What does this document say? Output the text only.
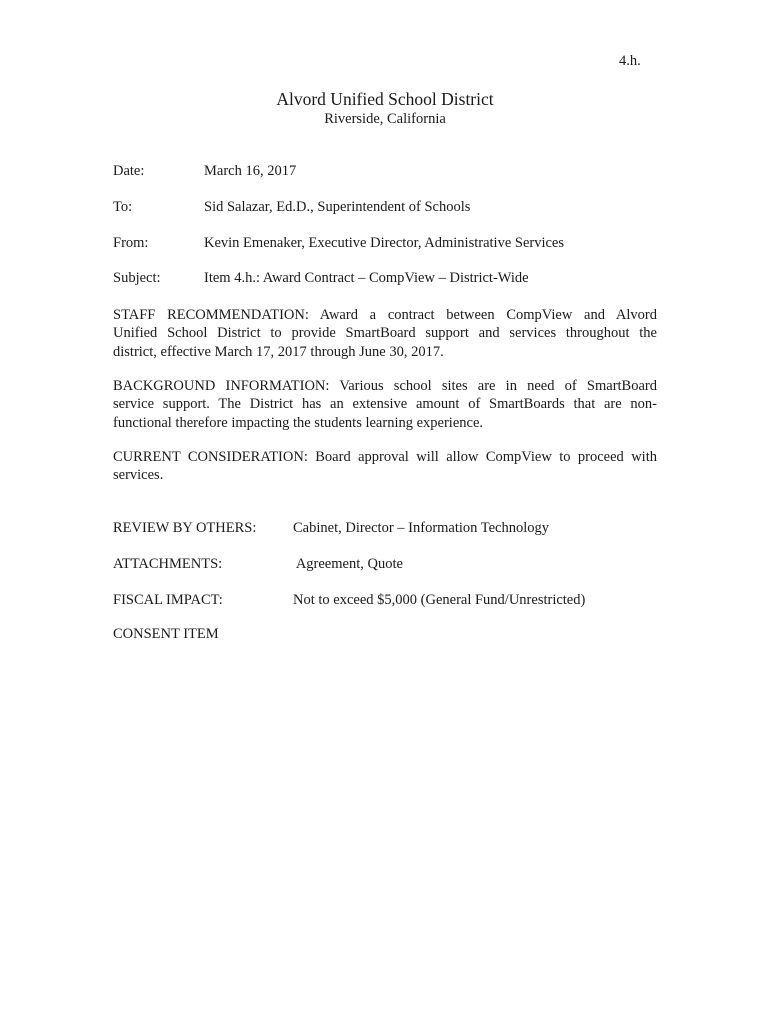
4.h.
Alvord Unified School District
Riverside, California
Date:	March 16, 2017
To:	Sid Salazar, Ed.D., Superintendent of Schools
From:	Kevin Emenaker, Executive Director, Administrative Services
Subject:	Item 4.h.: Award Contract – CompView – District-Wide
STAFF RECOMMENDATION: Award a contract between CompView and Alvord
Unified School District to provide SmartBoard support and services throughout the
district, effective March 17, 2017 through June 30, 2017.
BACKGROUND INFORMATION: Various school sites are in need of SmartBoard
service support. The District has an extensive amount of SmartBoards that are non-
functional therefore impacting the students learning experience.
CURRENT CONSIDERATION: Board approval will allow CompView to proceed with
services.
REVIEW BY OTHERS:	Cabinet, Director – Information Technology
ATTACHMENTS:	Agreement, Quote
FISCAL IMPACT:	Not to exceed $5,000 (General Fund/Unrestricted)
CONSENT ITEM
